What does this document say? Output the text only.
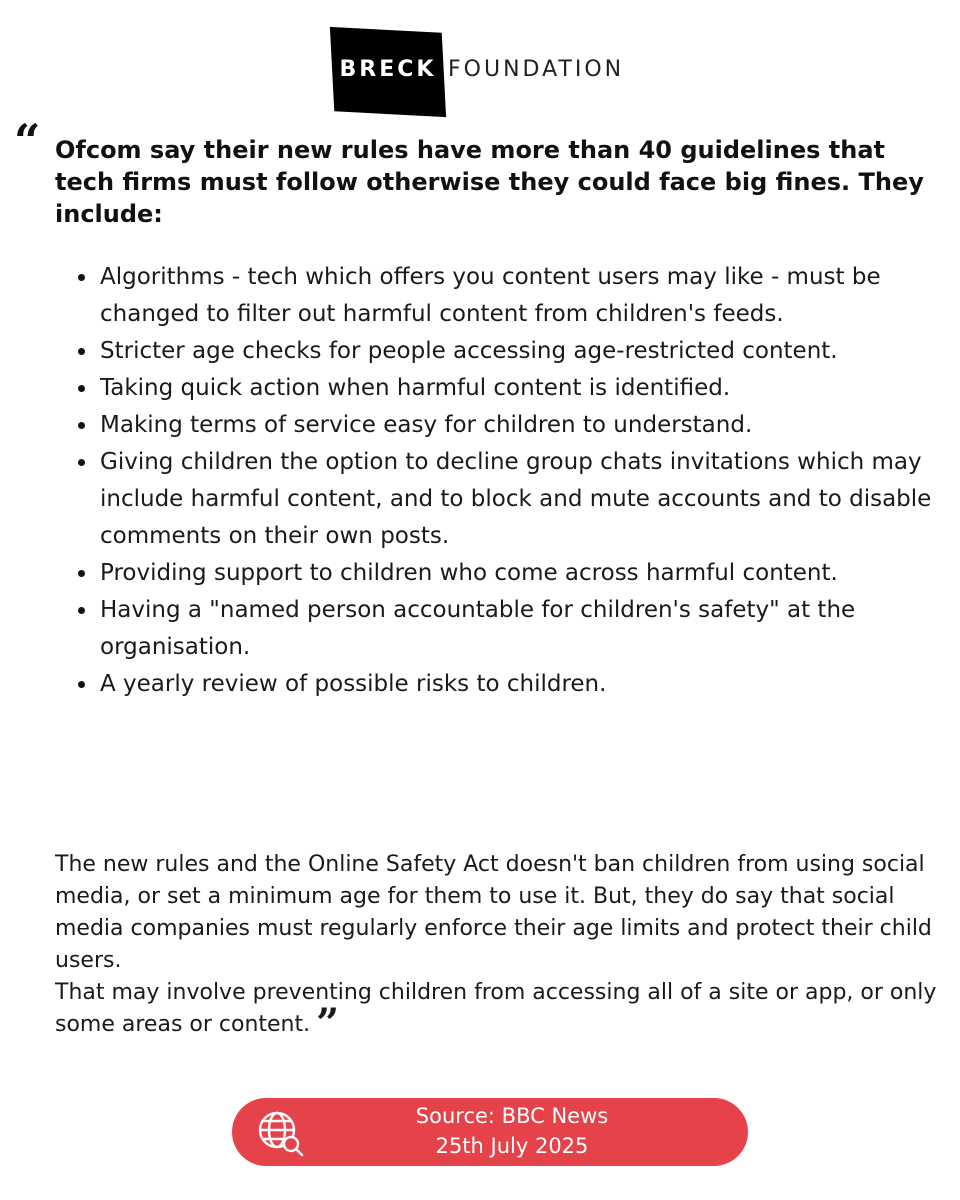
BRECK FOUNDATION
“ Ofcom say their new rules have more than 40 guidelines that tech firms must follow otherwise they could face big fines. They include:
Algorithms - tech which offers you content users may like - must be changed to filter out harmful content from children's feeds.
Stricter age checks for people accessing age-restricted content.
Taking quick action when harmful content is identified.
Making terms of service easy for children to understand.
Giving children the option to decline group chats invitations which may include harmful content, and to block and mute accounts and to disable comments on their own posts.
Providing support to children who come across harmful content.
Having a "named person accountable for children's safety" at the organisation.
A yearly review of possible risks to children.

The new rules and the Online Safety Act doesn't ban children from using social media, or set a minimum age for them to use it. But, they do say that social media companies must regularly enforce their age limits and protect their child users.

That may involve preventing children from accessing all of a site or app, or only some areas or content. ”

Source: BBC News
25th July 2025
